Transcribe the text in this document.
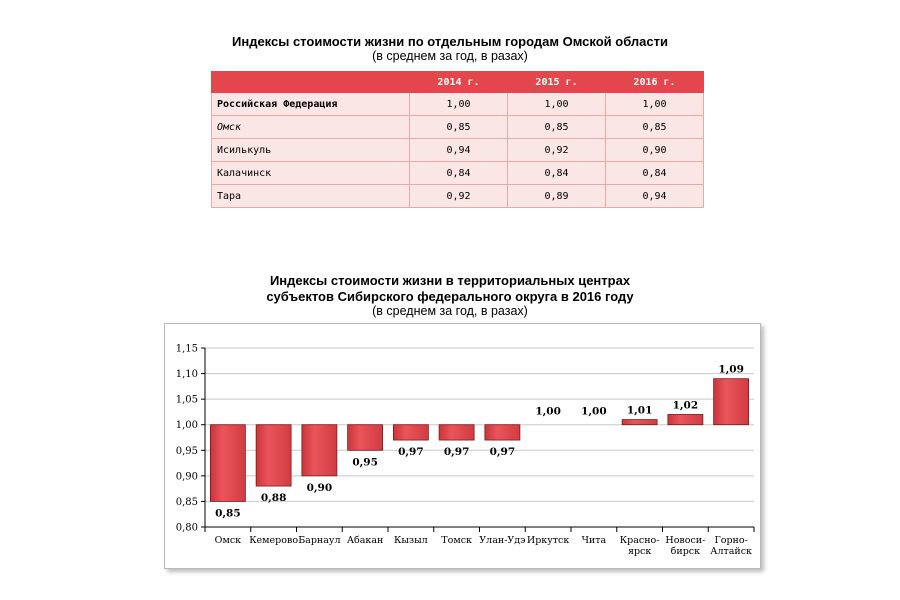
Индексы стоимости жизни по отдельным городам Омской области
(в среднем за год, в разах)
	2014 г.	2015 г.	2016 г.
Российская Федерация	1,00	1,00	1,00
Омск	0,85	0,85	0,85
Исилькуль	0,94	0,92	0,90
Калачинск	0,84	0,84	0,84
Тара	0,92	0,89	0,94
Индексы стоимости жизни в территориальных центрах
субъектов Сибирского федерального округа в 2016 году
(в среднем за год, в разах)
0,80
0,85
0,90
0,95
1,00
1,05
1,10
1,15
0,85
Омск
0,88
Кемерово
0,90
Барнаул
0,95
Абакан
0,97
Кызыл
0,97
Томск
0,97
Улан-Удэ
1,00
Иркутск
1,00
Чита
1,01
Красно-
ярск
1,02
Новоси-
бирск
1,09
Горно-
Алтайск
